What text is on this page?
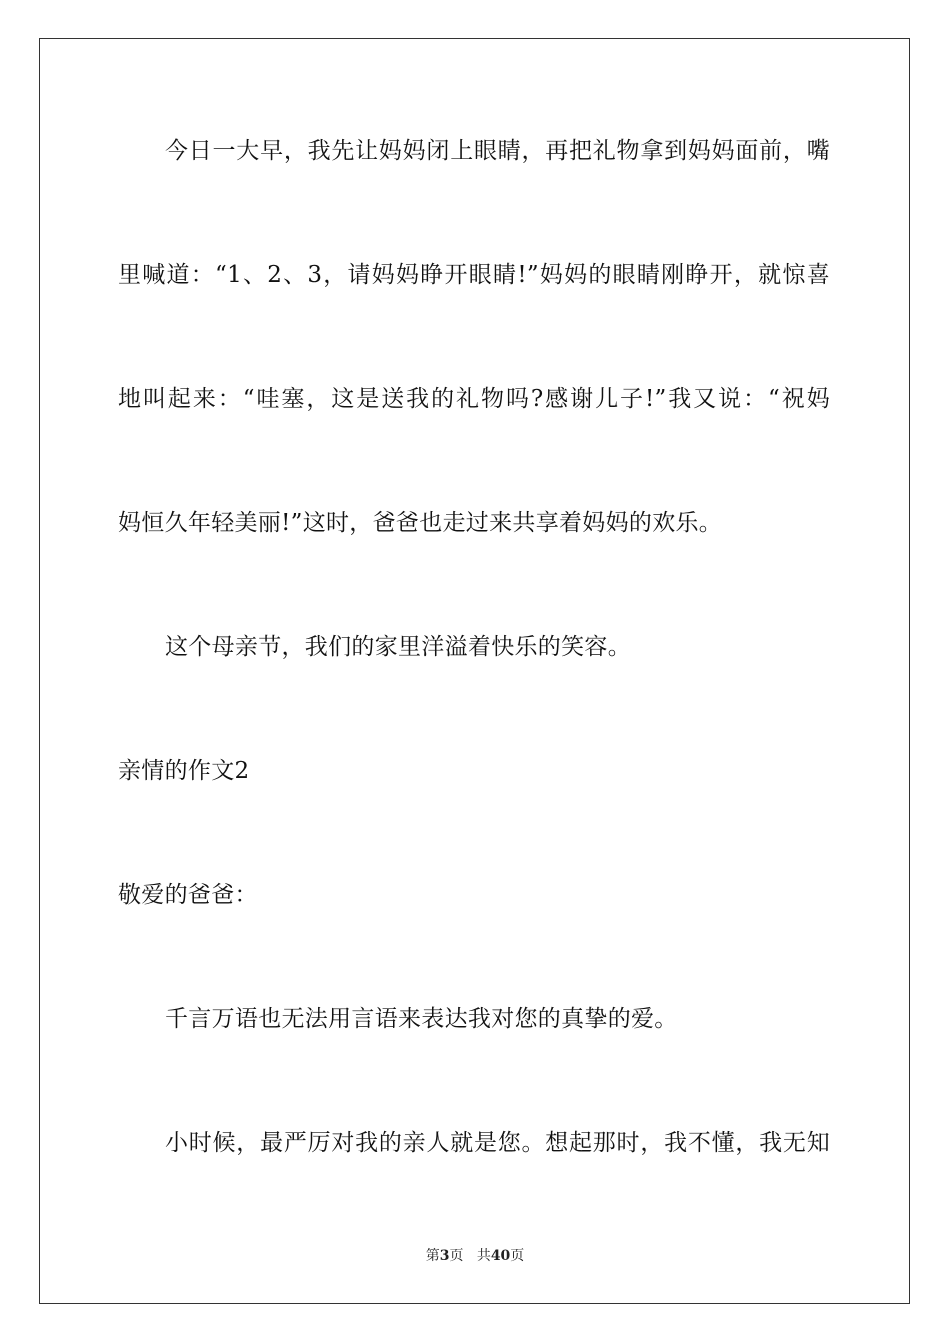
今日一大早，我先让妈妈闭上眼睛，再把礼物拿到妈妈面前，嘴
里喊道：“1、2、3，请妈妈睁开眼睛!”妈妈的眼睛刚睁开，就惊喜
地叫起来：“哇塞，这是送我的礼物吗?感谢儿子!”我又说：“祝妈
妈恒久年轻美丽!”这时，爸爸也走过来共享着妈妈的欢乐。
这个母亲节，我们的家里洋溢着快乐的笑容。
亲情的作文2
敬爱的爸爸：
千言万语也无法用言语来表达我对您的真挚的爱。
小时候，最严厉对我的亲人就是您。想起那时，我不懂，我无知
第3页 共40页
